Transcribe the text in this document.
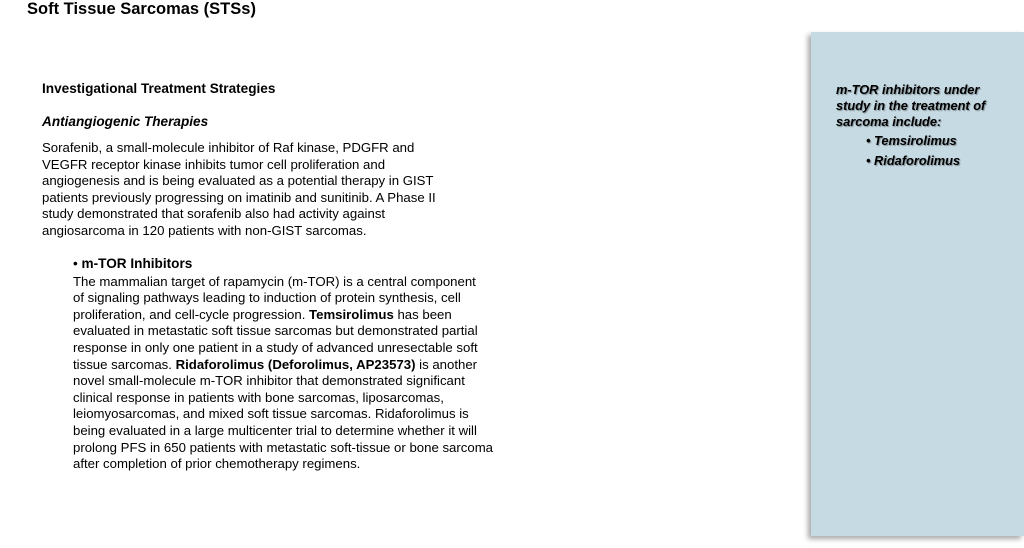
Soft Tissue Sarcomas (STSs)
Investigational Treatment Strategies
Antiangiogenic Therapies

Sorafenib, a small-molecule inhibitor of Raf kinase, PDGFR and
VEGFR receptor kinase inhibits tumor cell proliferation and
angiogenesis and is being evaluated as a potential therapy in GIST
patients previously progressing on imatinib and sunitinib. A Phase II
study demonstrated that sorafenib also had activity against
angiosarcoma in 120 patients with non-GIST sarcomas.

• m-TOR Inhibitors

The mammalian target of rapamycin (m-TOR) is a central component
of signaling pathways leading to induction of protein synthesis, cell
proliferation, and cell-cycle progression. Temsirolimus has been
evaluated in metastatic soft tissue sarcomas but demonstrated partial
response in only one patient in a study of advanced unresectable soft
tissue sarcomas. Ridaforolimus (Deforolimus, AP23573) is another
novel small-molecule m-TOR inhibitor that demonstrated significant
clinical response in patients with bone sarcomas, liposarcomas,
leiomyosarcomas, and mixed soft tissue sarcomas. Ridaforolimus is
being evaluated in a large multicenter trial to determine whether it will
prolong PFS in 650 patients with metastatic soft-tissue or bone sarcoma
after completion of prior chemotherapy regimens.

m-TOR inhibitors under
study in the treatment of
sarcoma include:

• Temsirolimus
• Ridaforolimus
